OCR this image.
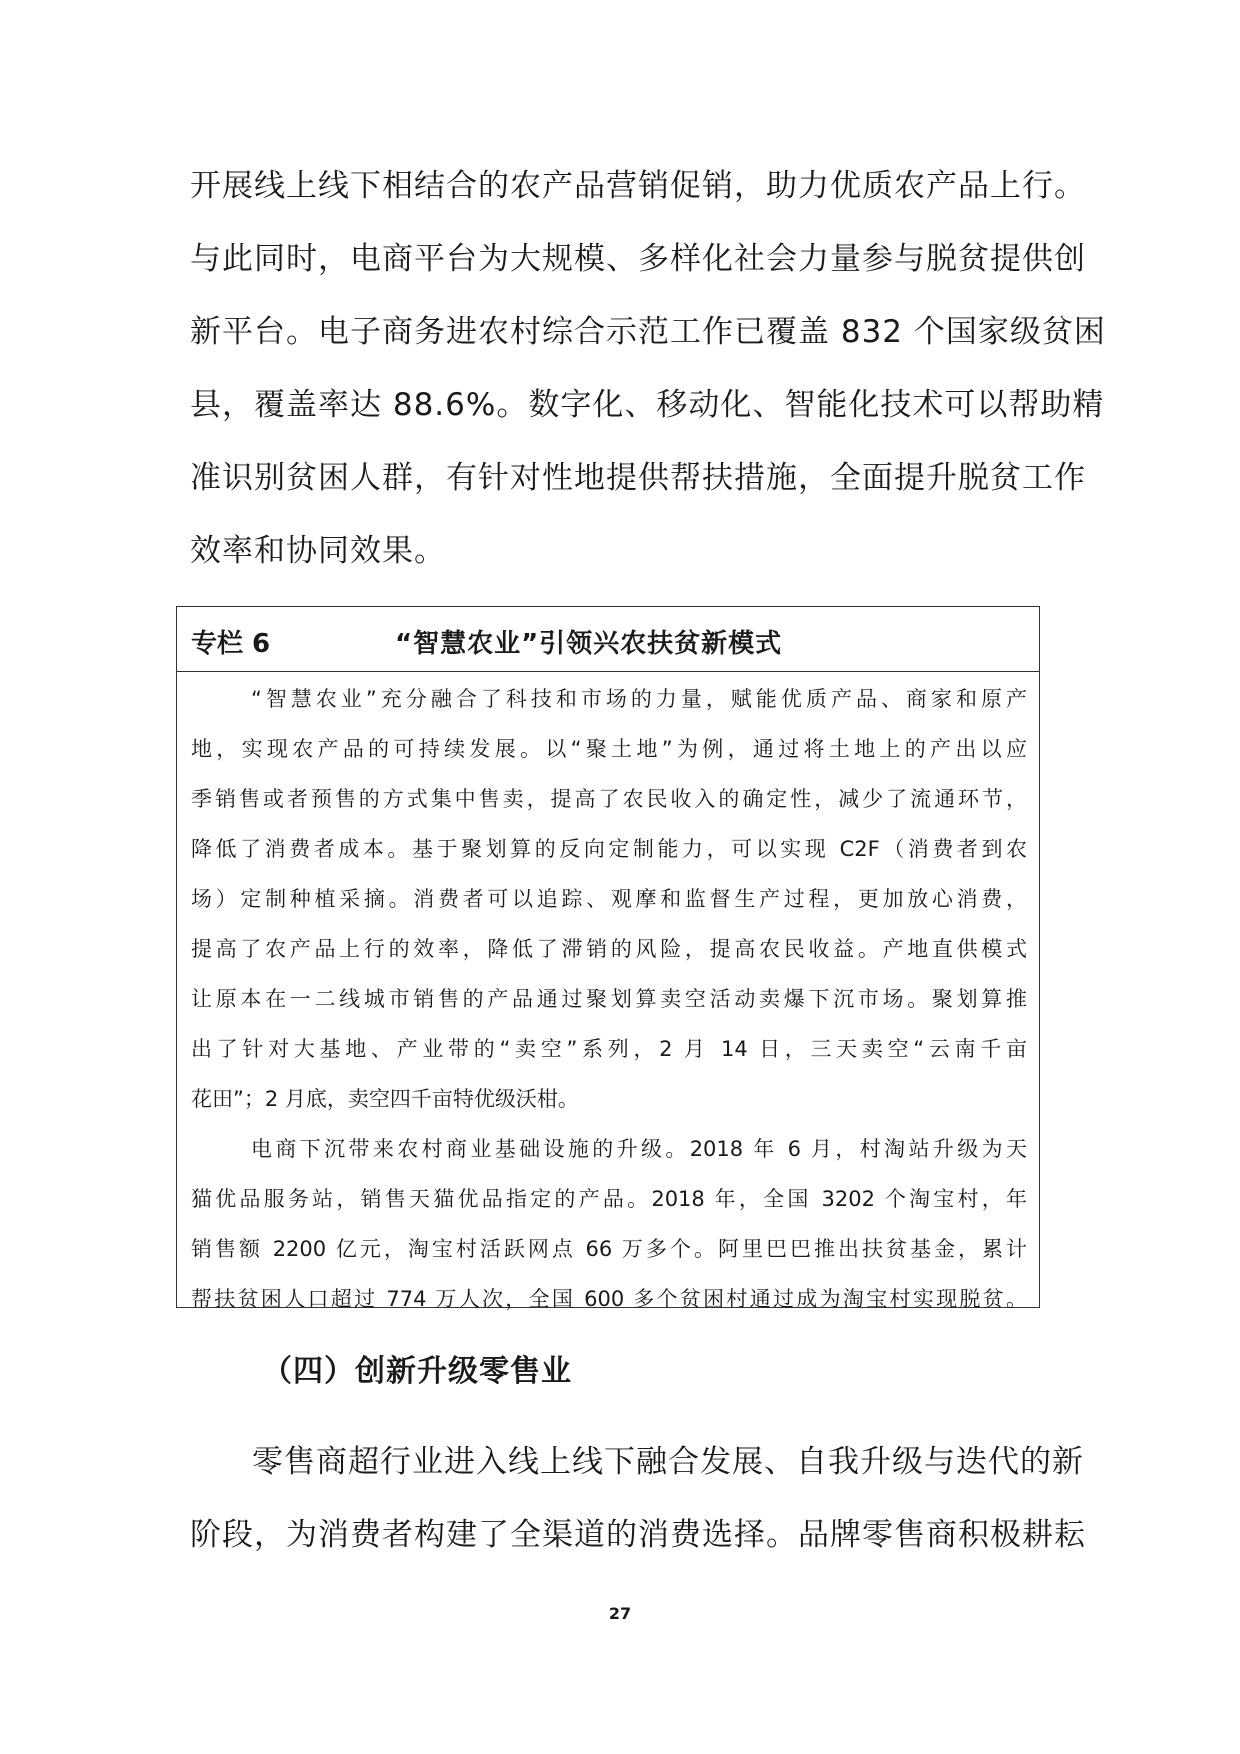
开展线上线下相结合的农产品营销促销，助力优质农产品上行。
与此同时，电商平台为大规模、多样化社会力量参与脱贫提供创
新平台。电子商务进农村综合示范工作已覆盖 832 个国家级贫困
县，覆盖率达 88.6%。数字化、移动化、智能化技术可以帮助精
准识别贫困人群，有针对性地提供帮扶措施，全面提升脱贫工作
效率和协同效果。
专栏 6	“智慧农业”引领兴农扶贫新模式
“智慧农业”充分融合了科技和市场的力量，赋能优质产品、商家和原产
地，实现农产品的可持续发展。以“聚土地”为例，通过将土地上的产出以应
季销售或者预售的方式集中售卖，提高了农民收入的确定性，减少了流通环节，
降低了消费者成本。基于聚划算的反向定制能力，可以实现 C2F（消费者到农
场）定制种植采摘。消费者可以追踪、观摩和监督生产过程，更加放心消费，
提高了农产品上行的效率，降低了滞销的风险，提高农民收益。产地直供模式
让原本在一二线城市销售的产品通过聚划算卖空活动卖爆下沉市场。聚划算推
出了针对大基地、产业带的“卖空”系列，2 月 14 日，三天卖空“云南千亩
花田”；2 月底，卖空四千亩特优级沃柑。
电商下沉带来农村商业基础设施的升级。2018 年 6 月，村淘站升级为天
猫优品服务站，销售天猫优品指定的产品。2018 年，全国 3202 个淘宝村，年
销售额 2200 亿元，淘宝村活跃网点 66 万多个。阿里巴巴推出扶贫基金，累计
帮扶贫困人口超过 774 万人次，全国 600 多个贫困村通过成为淘宝村实现脱贫。
（四）创新升级零售业
零售商超行业进入线上线下融合发展、自我升级与迭代的新
阶段，为消费者构建了全渠道的消费选择。品牌零售商积极耕耘
27
